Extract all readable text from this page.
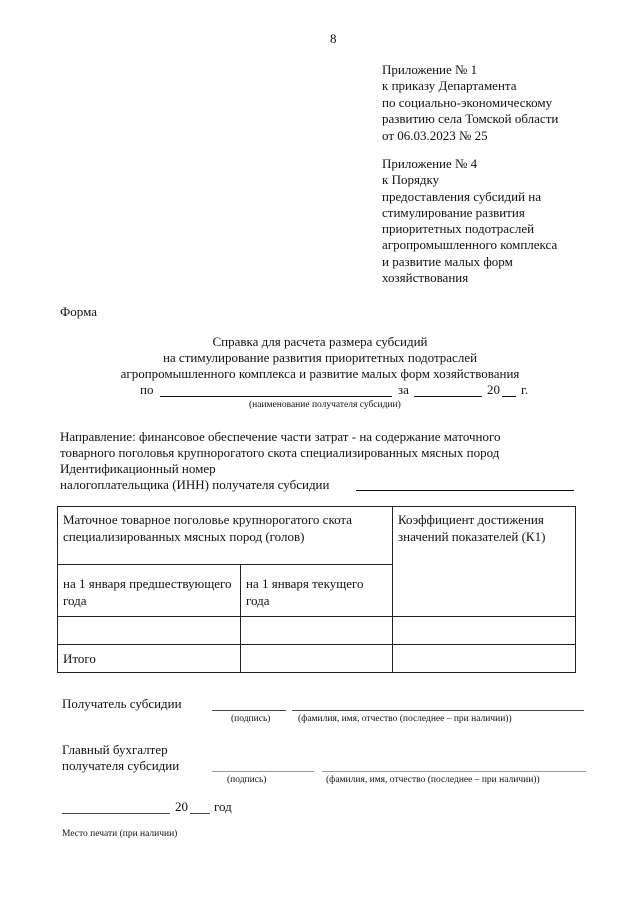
8
Приложение № 1
к приказу Департамента
по социально-экономическому
развитию села Томской области
от 06.03.2023 № 25
Приложение № 4
к Порядку
предоставления субсидий на
стимулирование развития
приоритетных подотраслей
агропромышленного комплекса
и развитие малых форм
хозяйствования
Форма
Справка для расчета размера субсидий
на стимулирование развития приоритетных подотраслей
агропромышленного комплекса и развитие малых форм хозяйствования
по	за	20 г.
(наименование получателя субсидии)
Направление: финансовое обеспечение части затрат - на содержание маточного
товарного поголовья крупнорогатого скота специализированных мясных пород
Идентификационный номер
налогоплательщика (ИНН) получателя субсидии
Маточное товарное поголовье крупнорогатого скота специализированных мясных пород (голов)		Коэффициент достижения значений показателей (К1)
на 1 января предшествующего года	на 1 января текущего года	

Итого		
Получатель субсидии
(подпись)	(фамилия, имя, отчество (последнее – при наличии))
Главный бухгалтер
получателя субсидии
(подпись)	(фамилия, имя, отчество (последнее – при наличии))
20 год
Место печати (при наличии)
